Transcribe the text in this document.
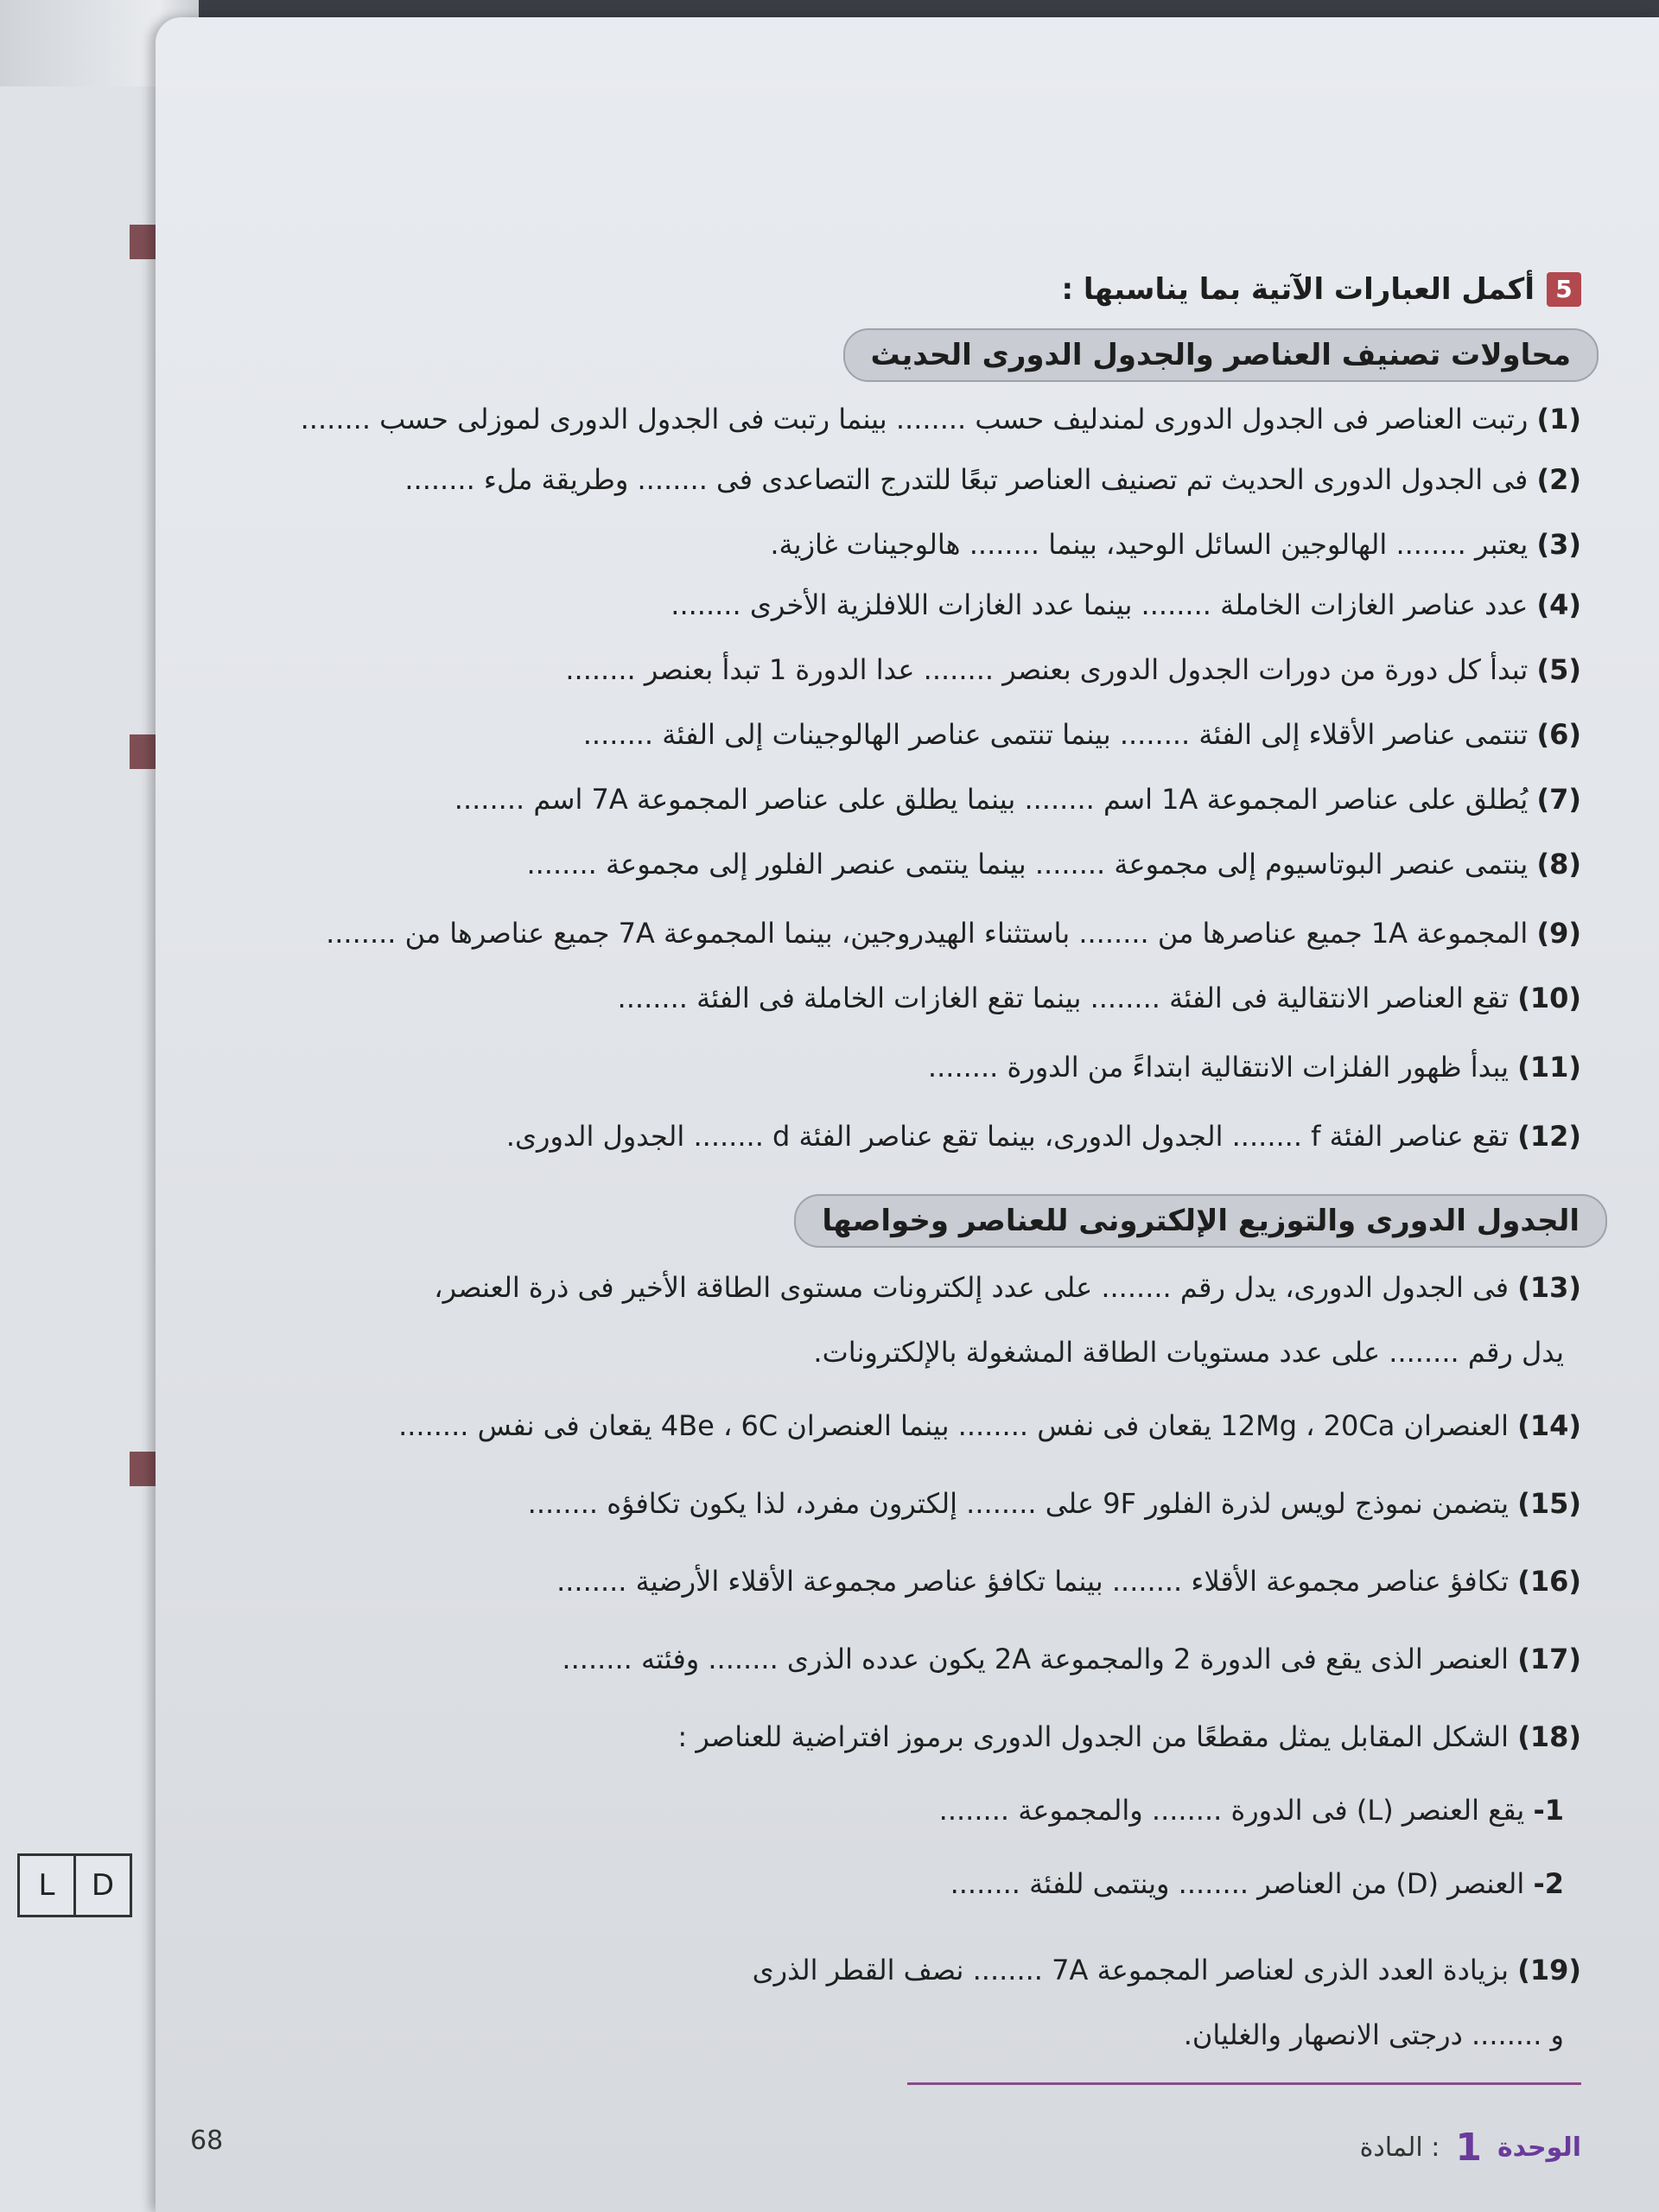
5
أكمل العبارات الآتية بما يناسبها :
محاولات تصنيف العناصر والجدول الدورى الحديث
(1) رتبت العناصر فى الجدول الدورى لمندليف حسب ........ بينما رتبت فى الجدول الدورى لموزلى حسب ........
(2) فى الجدول الدورى الحديث تم تصنيف العناصر تبعًا للتدرج التصاعدى فى ........ وطريقة ملء ........
(3) يعتبر ........ الهالوجين السائل الوحيد، بينما ........ هالوجينات غازية.
(4) عدد عناصر الغازات الخاملة ........ بينما عدد الغازات اللافلزية الأخرى ........
(5) تبدأ كل دورة من دورات الجدول الدورى بعنصر ........ عدا الدورة 1 تبدأ بعنصر ........
(6) تنتمى عناصر الأقلاء إلى الفئة ........ بينما تنتمى عناصر الهالوجينات إلى الفئة ........
(7) يُطلق على عناصر المجموعة 1A اسم ........ بينما يطلق على عناصر المجموعة 7A اسم ........
(8) ينتمى عنصر البوتاسيوم إلى مجموعة ........ بينما ينتمى عنصر الفلور إلى مجموعة ........
(9) المجموعة 1A جميع عناصرها من ........ باستثناء الهيدروجين، بينما المجموعة 7A جميع عناصرها من ........
(10) تقع العناصر الانتقالية فى الفئة ........ بينما تقع الغازات الخاملة فى الفئة ........
(11) يبدأ ظهور الفلزات الانتقالية ابتداءً من الدورة ........
(12) تقع عناصر الفئة f ........ الجدول الدورى، بينما تقع عناصر الفئة d ........ الجدول الدورى.
الجدول الدورى والتوزيع الإلكترونى للعناصر وخواصها
(13) فى الجدول الدورى، يدل رقم ........ على عدد إلكترونات مستوى الطاقة الأخير فى ذرة العنصر،
يدل رقم ........ على عدد مستويات الطاقة المشغولة بالإلكترونات.
(14) العنصران 12Mg ، 20Ca يقعان فى نفس ........ بينما العنصران 4Be ، 6C يقعان فى نفس ........
(15) يتضمن نموذج لويس لذرة الفلور 9F على ........ إلكترون مفرد، لذا يكون تكافؤه ........
(16) تكافؤ عناصر مجموعة الأقلاء ........ بينما تكافؤ عناصر مجموعة الأقلاء الأرضية ........
(17) العنصر الذى يقع فى الدورة 2 والمجموعة 2A يكون عدده الذرى ........ وفئته ........
(18) الشكل المقابل يمثل مقطعًا من الجدول الدورى برموز افتراضية للعناصر :
1- يقع العنصر (L) فى الدورة ........ والمجموعة ........
2- العنصر (D) من العناصر ........ وينتمى للفئة ........
(19) بزيادة العدد الذرى لعناصر المجموعة 7A ........ نصف القطر الذرى
و ........ درجتى الانصهار والغليان.
الوحدة
1
: المادة
68
L	D
